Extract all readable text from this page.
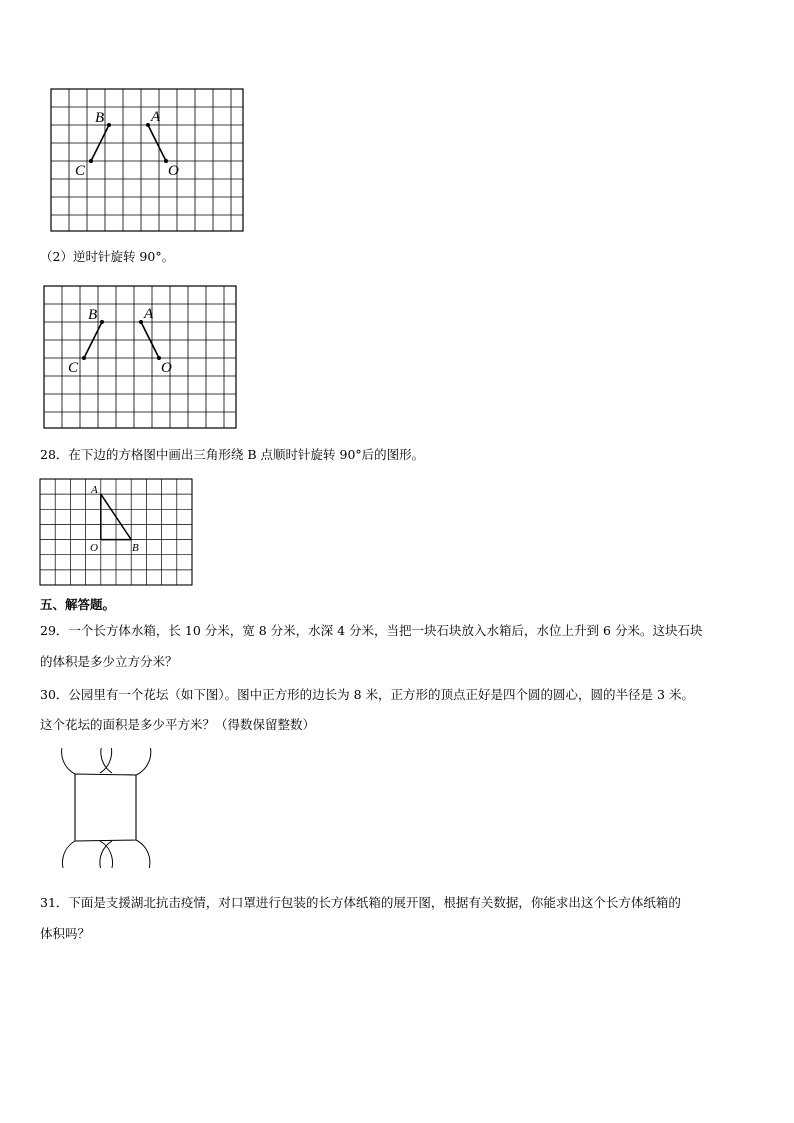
B	A
C	O
（2）逆时针旋转 90°。
B	A
C	O
28．在下边的方格图中画出三角形绕 B 点顺时针旋转 90°后的图形。
A
O	B
五、解答题。
29．一个长方体水箱，长 10 分米，宽 8 分米，水深 4 分米，当把一块石块放入水箱后，水位上升到 6 分米。这块石块
的体积是多少立方分米？
30．公园里有一个花坛（如下图）。图中正方形的边长为 8 米，正方形的顶点正好是四个圆的圆心，圆的半径是 3 米。
这个花坛的面积是多少平方米？（得数保留整数）
31．下面是支援湖北抗击疫情，对口罩进行包装的长方体纸箱的展开图，根据有关数据，你能求出这个长方体纸箱的
体积吗？
